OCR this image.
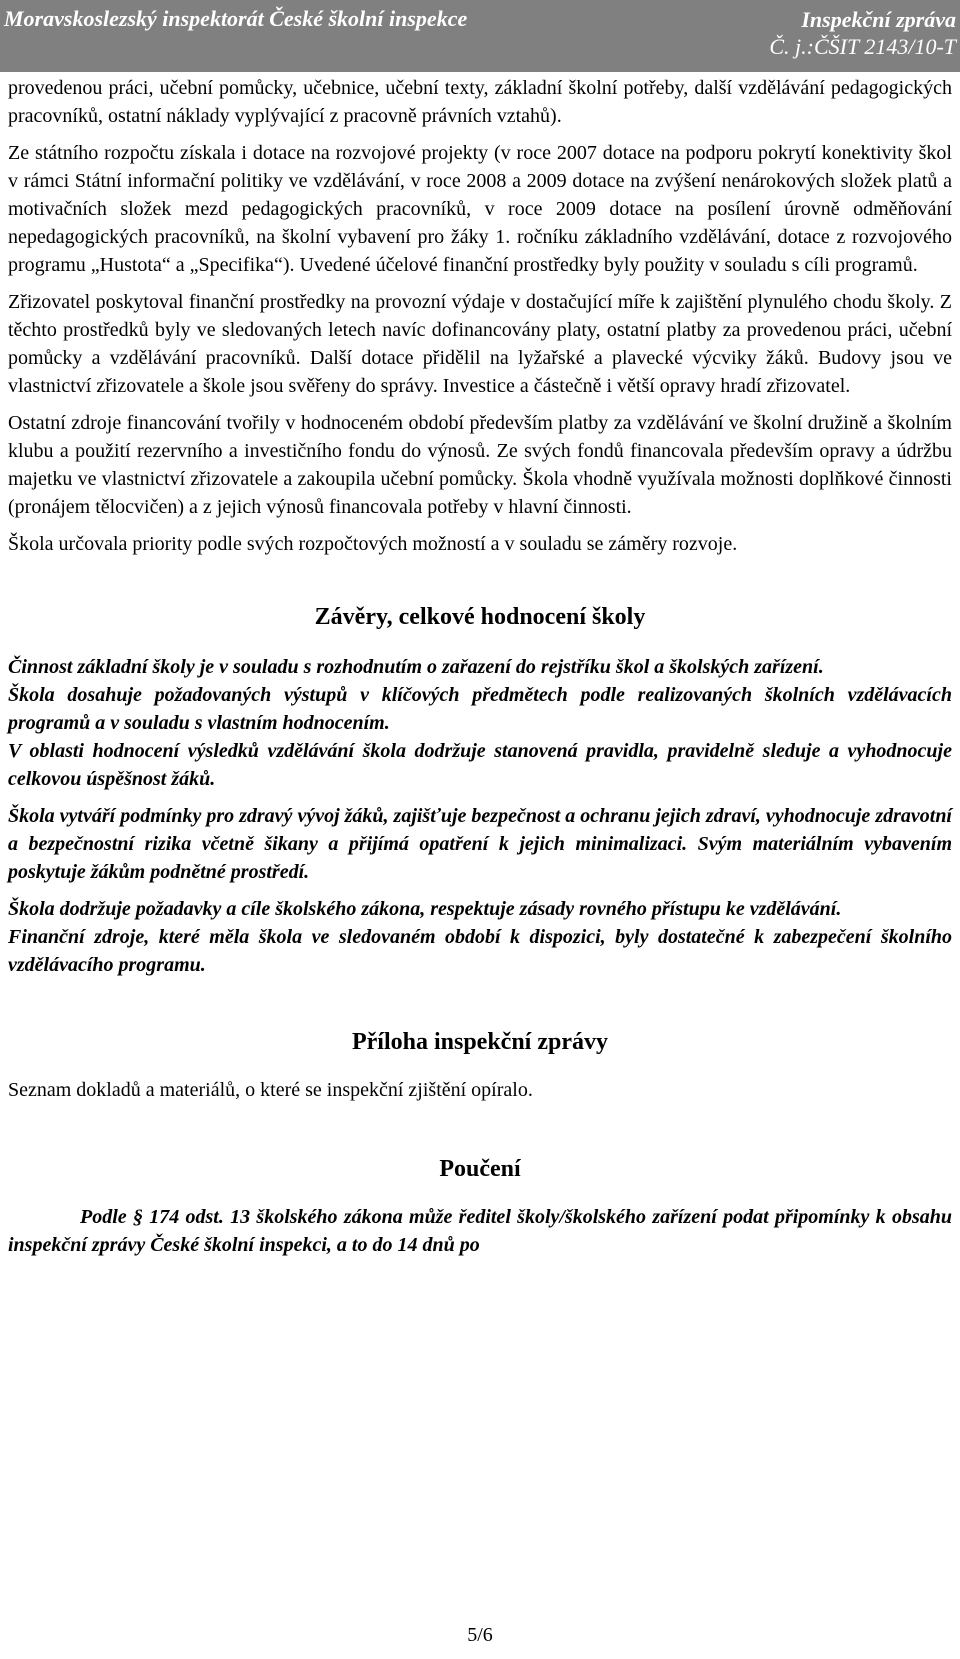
Moravskoslezský inspektorát České školní inspekce	Inspekční zpráva
Č. j.:ČŠIT 2143/10-T

provedenou práci, učební pomůcky, učebnice, učební texty, základní školní potřeby, další vzdělávání pedagogických pracovníků, ostatní náklady vyplývající z pracovně právních vztahů).

Ze státního rozpočtu získala i dotace na rozvojové projekty (v roce 2007 dotace na podporu pokrytí konektivity škol v rámci Státní informační politiky ve vzdělávání, v roce 2008 a 2009 dotace na zvýšení nenárokových složek platů a motivačních složek mezd pedagogických pracovníků, v roce 2009 dotace na posílení úrovně odměňování nepedagogických pracovníků, na školní vybavení pro žáky 1. ročníku základního vzdělávání, dotace z rozvojového programu „Hustota“ a „Specifika“). Uvedené účelové finanční prostředky byly použity v souladu s cíli programů.

Zřizovatel poskytoval finanční prostředky na provozní výdaje v dostačující míře k zajištění plynulého chodu školy. Z těchto prostředků byly ve sledovaných letech navíc dofinancovány platy, ostatní platby za provedenou práci, učební pomůcky a vzdělávání pracovníků. Další dotace přidělil na lyžařské a plavecké výcviky žáků. Budovy jsou ve vlastnictví zřizovatele a škole jsou svěřeny do správy. Investice a částečně i větší opravy hradí zřizovatel.

Ostatní zdroje financování tvořily v hodnoceném období především platby za vzdělávání ve školní družině a školním klubu a použití rezervního a investičního fondu do výnosů. Ze svých fondů financovala především opravy a údržbu majetku ve vlastnictví zřizovatele a zakoupila učební pomůcky. Škola vhodně využívala možnosti doplňkové činnosti (pronájem tělocvičen) a z jejich výnosů financovala potřeby v hlavní činnosti.

Škola určovala priority podle svých rozpočtových možností a v souladu se záměry rozvoje.

Závěry, celkové hodnocení školy

Činnost základní školy je v souladu s rozhodnutím o zařazení do rejstříku škol a školských zařízení.

Škola dosahuje požadovaných výstupů v klíčových předmětech podle realizovaných školních vzdělávacích programů a v souladu s vlastním hodnocením.

V oblasti hodnocení výsledků vzdělávání škola dodržuje stanovená pravidla, pravidelně sleduje a vyhodnocuje celkovou úspěšnost žáků.

Škola vytváří podmínky pro zdravý vývoj žáků, zajišťuje bezpečnost a ochranu jejich zdraví, vyhodnocuje zdravotní a bezpečnostní rizika včetně šikany a přijímá opatření k jejich minimalizaci. Svým materiálním vybavením poskytuje žákům podnětné prostředí.

Škola dodržuje požadavky a cíle školského zákona, respektuje zásady rovného přístupu ke vzdělávání.

Finanční zdroje, které měla škola ve sledovaném období k dispozici, byly dostatečné k zabezpečení školního vzdělávacího programu.

Příloha inspekční zprávy

Seznam dokladů a materiálů, o které se inspekční zjištění opíralo.

Poučení

Podle § 174 odst. 13 školského zákona může ředitel školy/školského zařízení podat připomínky k obsahu inspekční zprávy České školní inspekci, a to do 14 dnů po

5/6
